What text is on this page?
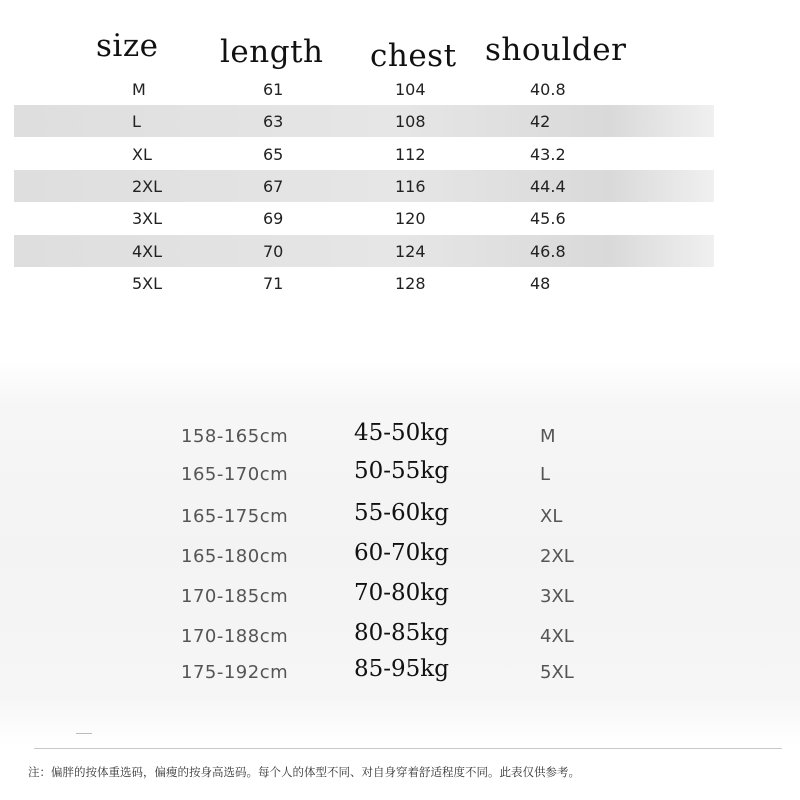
size length chest shoulder
M	61	104	40.8
L	63	108	42
XL	65	112	43.2
2XL	67	116	44.4
3XL	69	120	45.6
4XL	70	124	46.8
5XL	71	128	48
158-165cm	45-50kg	M
165-170cm	50-55kg	L
165-175cm	55-60kg	XL
165-180cm	60-70kg	2XL
170-185cm	70-80kg	3XL
170-188cm	80-85kg	4XL
175-192cm	85-95kg	5XL
注：偏胖的按体重选码，偏瘦的按身高选码。每个人的体型不同、对自身穿着舒适程度不同。此表仅供参考。
